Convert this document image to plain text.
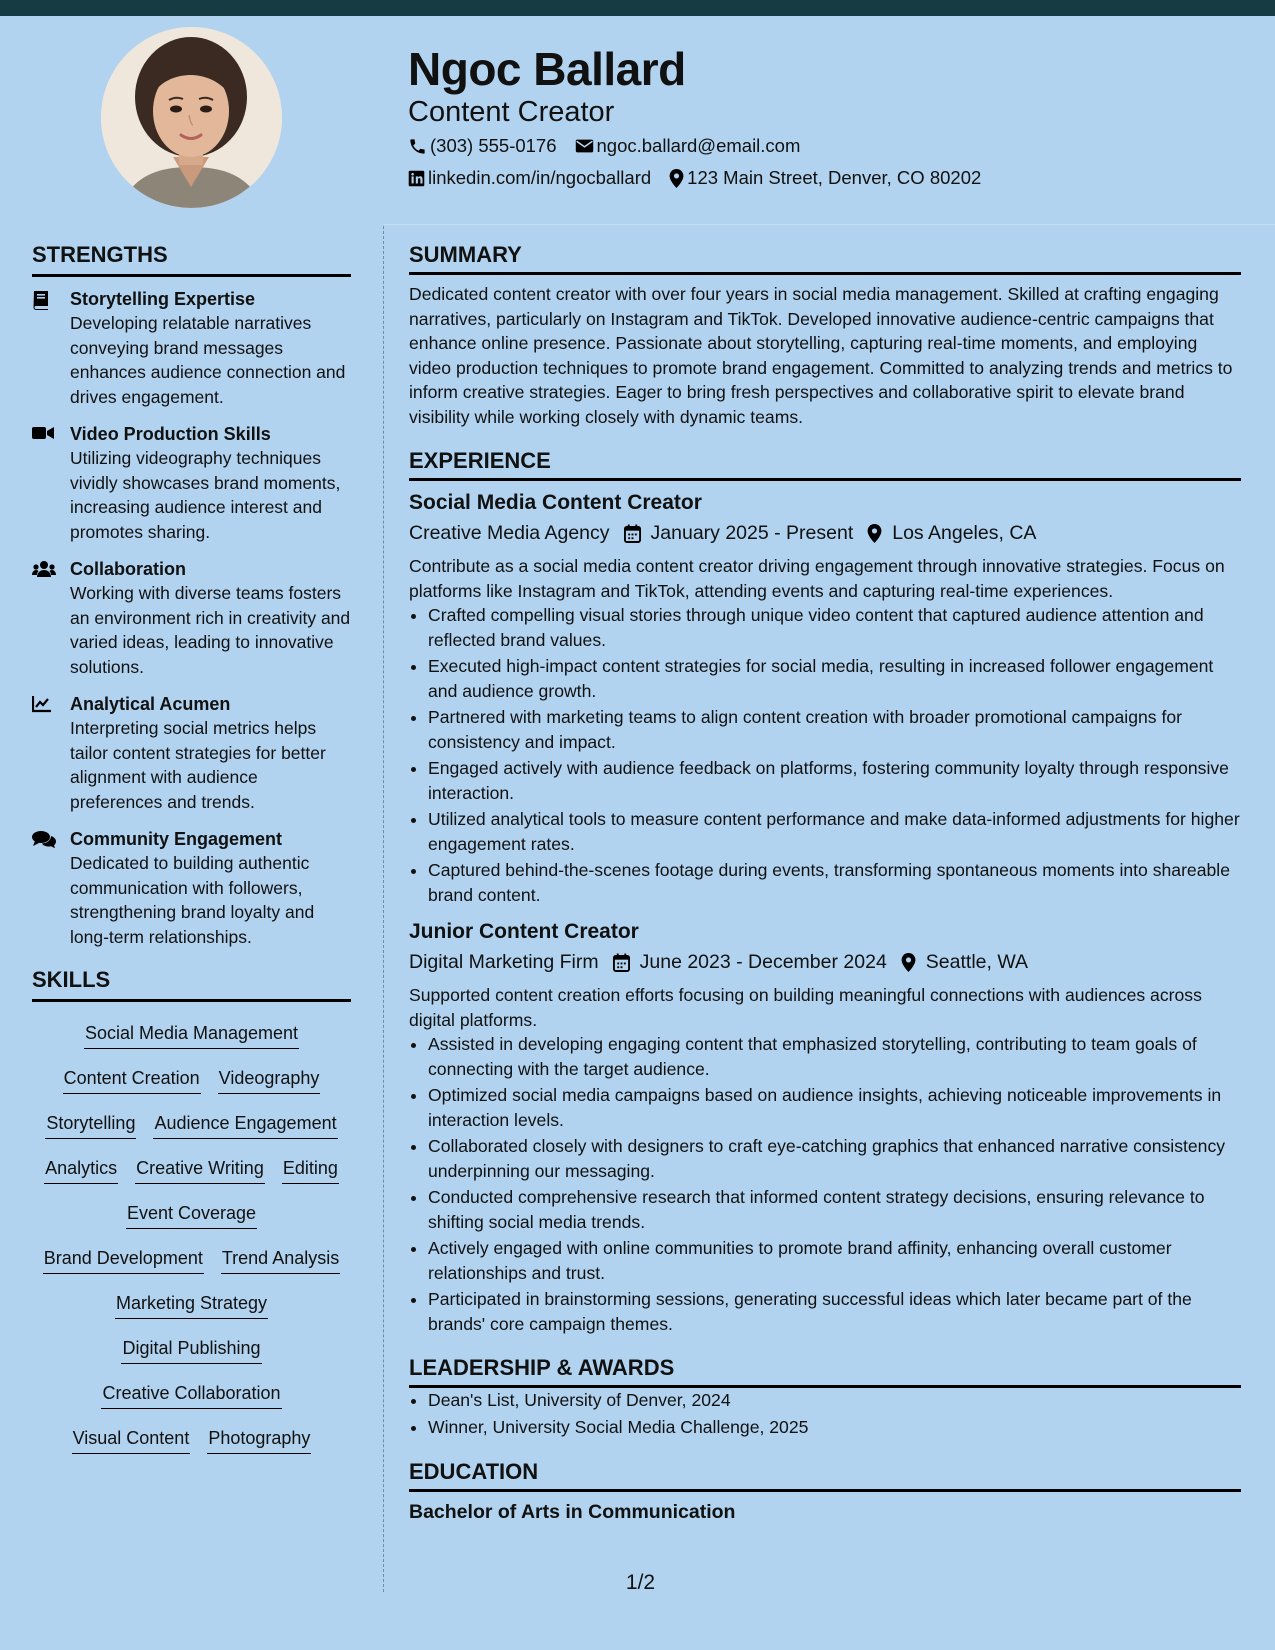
Ngoc Ballard
Content Creator
(303) 555-0176 ngoc.ballard@email.com
linkedin.com/in/ngocballard 123 Main Street, Denver, CO 80202
STRENGTHS
Storytelling Expertise
Developing relatable narratives conveying brand messages enhances audience connection and drives engagement.
Video Production Skills
Utilizing videography techniques vividly showcases brand moments, increasing audience interest and promotes sharing.
Collaboration
Working with diverse teams fosters an environment rich in creativity and varied ideas, leading to innovative solutions.
Analytical Acumen
Interpreting social metrics helps tailor content strategies for better alignment with audience preferences and trends.
Community Engagement
Dedicated to building authentic communication with followers, strengthening brand loyalty and long-term relationships.
SKILLS
Social Media Management
Content Creation Videography
Storytelling Audience Engagement
Analytics Creative Writing Editing
Event Coverage
Brand Development Trend Analysis
Marketing Strategy
Digital Publishing
Creative Collaboration
Visual Content Photography
SUMMARY

Dedicated content creator with over four years in social media management. Skilled at crafting engaging narratives, particularly on Instagram and TikTok. Developed innovative audience-centric campaigns that enhance online presence. Passionate about storytelling, capturing real-time moments, and employing video production techniques to promote brand engagement. Committed to analyzing trends and metrics to inform creative strategies. Eager to bring fresh perspectives and collaborative spirit to elevate brand visibility while working closely with dynamic teams.

EXPERIENCE
Social Media Content Creator
Creative Media Agency January 2025 - Present Los Angeles, CA
Contribute as a social media content creator driving engagement through innovative strategies. Focus on platforms like Instagram and TikTok, attending events and capturing real-time experiences.
• Crafted compelling visual stories through unique video content that captured audience attention and reflected brand values.
• Executed high-impact content strategies for social media, resulting in increased follower engagement and audience growth.
• Partnered with marketing teams to align content creation with broader promotional campaigns for consistency and impact.
• Engaged actively with audience feedback on platforms, fostering community loyalty through responsive interaction.
• Utilized analytical tools to measure content performance and make data-informed adjustments for higher engagement rates.
• Captured behind-the-scenes footage during events, transforming spontaneous moments into shareable brand content.
Junior Content Creator
Digital Marketing Firm June 2023 - December 2024 Seattle, WA
Supported content creation efforts focusing on building meaningful connections with audiences across digital platforms.
• Assisted in developing engaging content that emphasized storytelling, contributing to team goals of connecting with the target audience.
• Optimized social media campaigns based on audience insights, achieving noticeable improvements in interaction levels.
• Collaborated closely with designers to craft eye-catching graphics that enhanced narrative consistency underpinning our messaging.
• Conducted comprehensive research that informed content strategy decisions, ensuring relevance to shifting social media trends.
• Actively engaged with online communities to promote brand affinity, enhancing overall customer relationships and trust.
• Participated in brainstorming sessions, generating successful ideas which later became part of the brands' core campaign themes.
LEADERSHIP & AWARDS
• Dean's List, University of Denver, 2024
• Winner, University Social Media Challenge, 2025
EDUCATION
Bachelor of Arts in Communication
1/2
